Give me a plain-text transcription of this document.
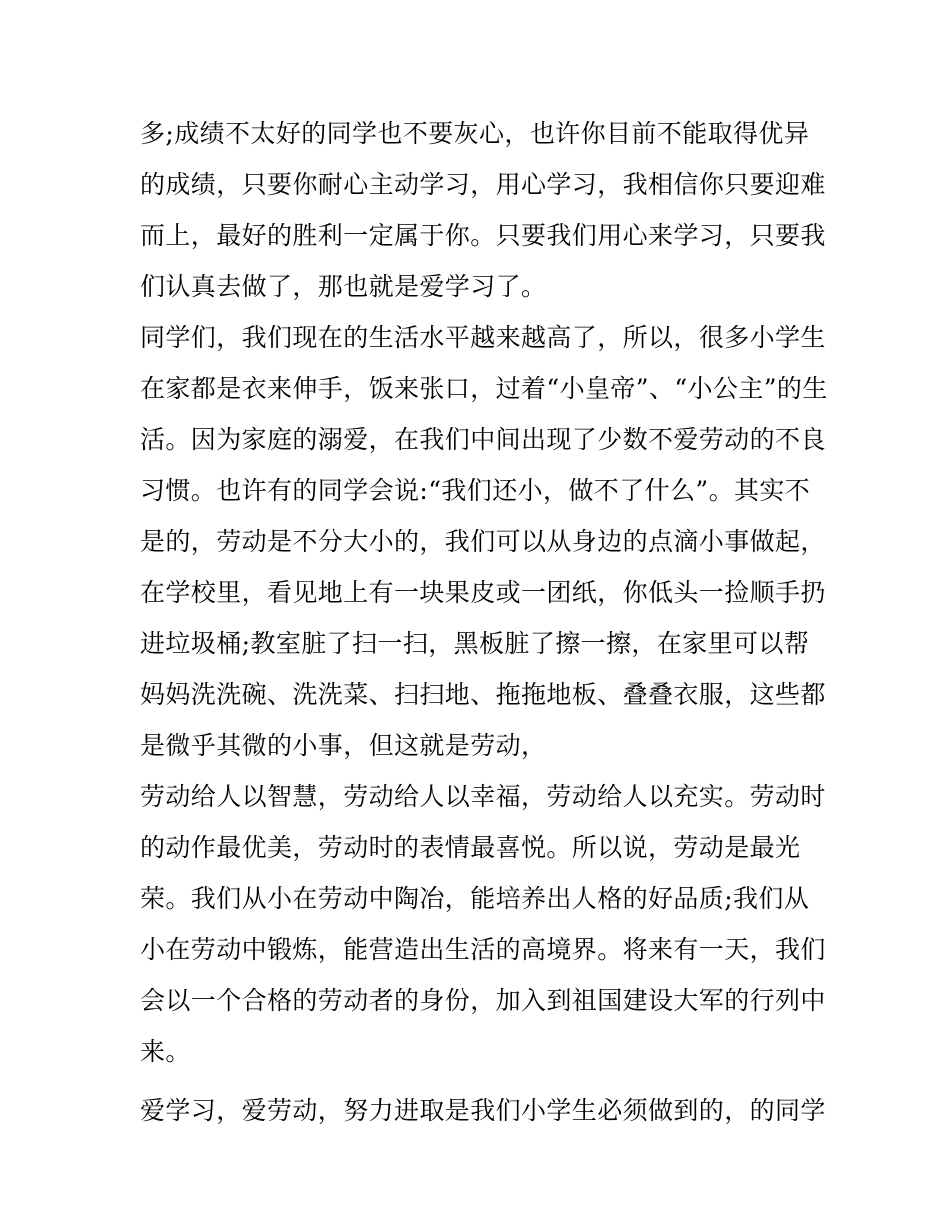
多;成绩不太好的同学也不要灰心，也许你目前不能取得优异
的成绩，只要你耐心主动学习，用心学习，我相信你只要迎难
而上，最好的胜利一定属于你。只要我们用心来学习，只要我
们认真去做了，那也就是爱学习了。
同学们，我们现在的生活水平越来越高了，所以，很多小学生
在家都是衣来伸手，饭来张口，过着“小皇帝”、“小公主”的生
活。因为家庭的溺爱，在我们中间出现了少数不爱劳动的不良
习惯。也许有的同学会说:“我们还小，做不了什么”。其实不
是的，劳动是不分大小的，我们可以从身边的点滴小事做起，
在学校里，看见地上有一块果皮或一团纸，你低头一捡顺手扔
进垃圾桶;教室脏了扫一扫，黑板脏了擦一擦，在家里可以帮
妈妈洗洗碗、洗洗菜、扫扫地、拖拖地板、叠叠衣服，这些都
是微乎其微的小事，但这就是劳动，
劳动给人以智慧，劳动给人以幸福，劳动给人以充实。劳动时
的动作最优美，劳动时的表情最喜悦。所以说，劳动是最光
荣。我们从小在劳动中陶冶，能培养出人格的好品质;我们从
小在劳动中锻炼，能营造出生活的高境界。将来有一天，我们
会以一个合格的劳动者的身份，加入到祖国建设大军的行列中
来。
爱学习，爱劳动，努力进取是我们小学生必须做到的，的同学
